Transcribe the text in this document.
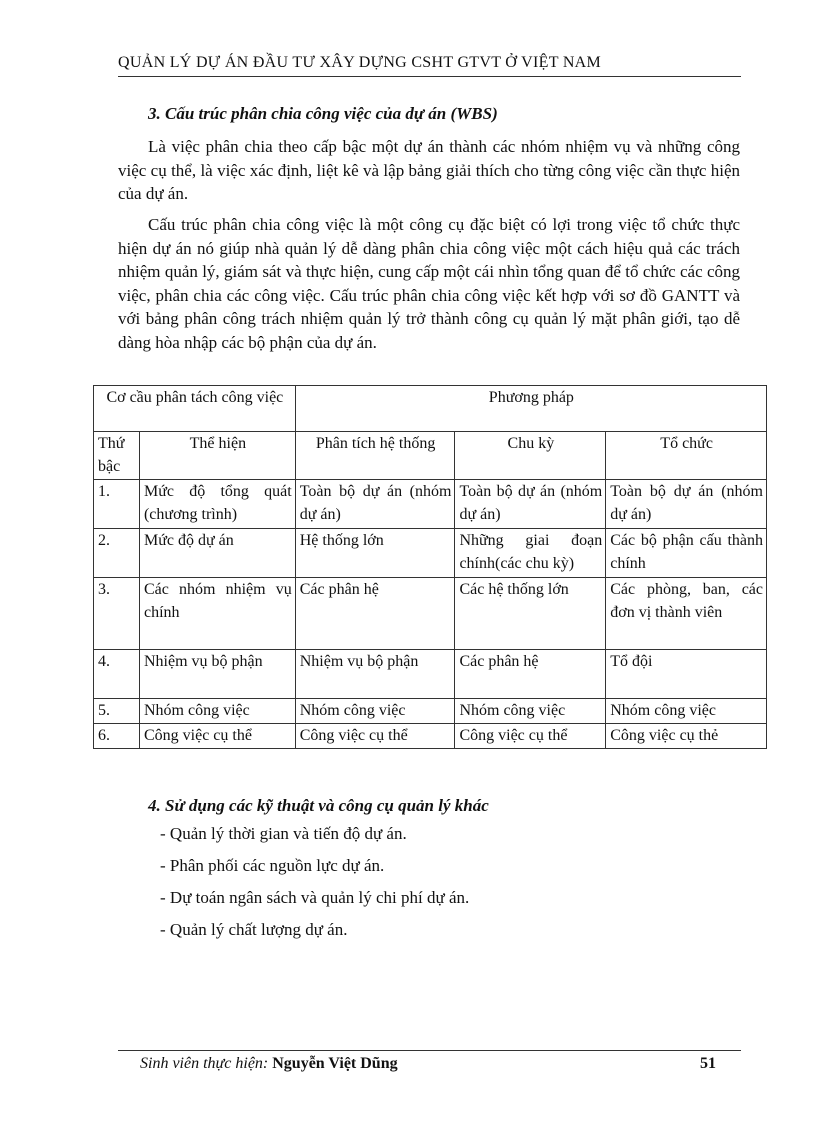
QUẢN LÝ DỰ ÁN ĐẦU TƯ XÂY DỰNG CSHT GTVT Ở VIỆT NAM
3. Cấu trúc phân chia công việc của dự án (WBS)

Là việc phân chia theo cấp bậc một dự án thành các nhóm nhiệm vụ và những công việc cụ thể, là việc xác định, liệt kê và lập bảng giải thích cho từng công việc cần thực hiện của dự án.

Cấu trúc phân chia công việc là một công cụ đặc biệt có lợi trong việc tổ chức thực hiện dự án nó giúp nhà quản lý dễ dàng phân chia công việc một cách hiệu quả các trách nhiệm quản lý, giám sát và thực hiện, cung cấp một cái nhìn tổng quan để tổ chức các công việc, phân chia các công việc. Cấu trúc phân chia công việc kết hợp với sơ đồ GANTT và với bảng phân công trách nhiệm quản lý trở thành công cụ quản lý mặt phân giới, tạo dễ dàng hòa nhập các bộ phận của dự án.

Cơ cầu phân tách công việc		Phương pháp		
Thứ bậc	Thể hiện	Phân tích hệ thống	Chu kỳ	Tổ chức
1.	Mức độ tổng quát (chương trình)	Toàn bộ dự án (nhóm dự án)	Toàn bộ dự án (nhóm dự án)	Toàn bộ dự án (nhóm dự án)
2.	Mức độ dự án	Hệ thống lớn	Những giai đoạn chính(các chu kỳ)	Các bộ phận cấu thành chính
3.	Các nhóm nhiệm vụ chính	Các phân hệ	Các hệ thống lớn	Các phòng, ban, các đơn vị thành viên
4.	Nhiệm vụ bộ phận	Nhiệm vụ bộ phận	Các phân hệ	Tổ đội
5.	Nhóm công việc	Nhóm công việc	Nhóm công việc	Nhóm công việc
6.	Công việc cụ thể	Công việc cụ thể	Công việc cụ thể	Công việc cụ thẻ
4. Sử dụng các kỹ thuật và công cụ quản lý khác
- Quản lý thời gian và tiến độ dự án.
- Phân phối các nguồn lực dự án.
- Dự toán ngân sách và quản lý chi phí dự án.
- Quản lý chất lượng dự án.
Sinh viên thực hiện: Nguyễn Việt Dũng	51
